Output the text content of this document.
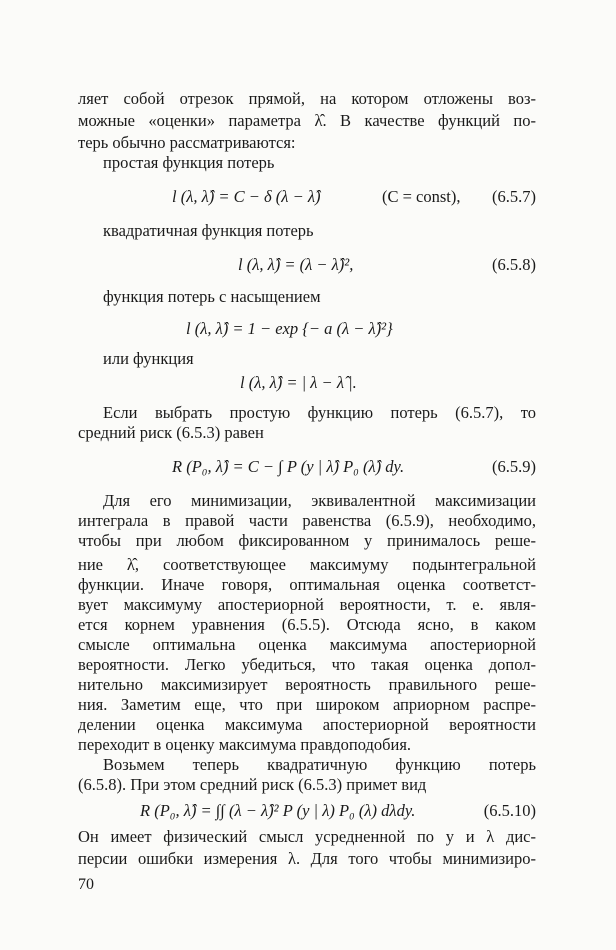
ляет собой отрезок прямой, на котором отложены воз-
можные «оценки» параметра λ̂. В качестве функций по-
терь обычно рассматриваются:
простая функция потерь
l (λ, λ̂) = C − δ (λ − λ̂)	(C = const), (6.5.7)
квадратичная функция потерь
l (λ, λ̂) = (λ − λ̂)²,	(6.5.8)
функция потерь с насыщением
l (λ, λ̂) = 1 − exp {− a (λ − λ̂)²}
или функция
l (λ, λ̂) = | λ − λ̂ |.
Если выбрать простую функцию потерь (6.5.7), то
средний риск (6.5.3) равен
R (P₀, λ̂) = C − ∫ P (y | λ̂) P₀ (λ̂) dy.	(6.5.9)
Для его минимизации, эквивалентной максимизации
интеграла в правой части равенства (6.5.9), необходимо,
чтобы при любом фиксированном y принималось реше-
ние λ̂, соответствующее максимуму подынтегральной
функции. Иначе говоря, оптимальная оценка соответст-
вует максимуму апостериорной вероятности, т. е. явля-
ется корнем уравнения (6.5.5). Отсюда ясно, в каком
смысле оптимальна оценка максимума апостериорной
вероятности. Легко убедиться, что такая оценка допол-
нительно максимизирует вероятность правильного реше-
ния. Заметим еще, что при широком априорном распре-
делении оценка максимума апостериорной вероятности
переходит в оценку максимума правдоподобия.
Возьмем теперь квадратичную функцию потерь
(6.5.8). При этом средний риск (6.5.3) примет вид
R (P₀, λ̂) = ∫∫ (λ − λ̂)² P (y | λ) P₀ (λ) dλdy.	(6.5.10)
Он имеет физический смысл усредненной по y и λ дис-
персии ошибки измерения λ. Для того чтобы минимизиро-
70
